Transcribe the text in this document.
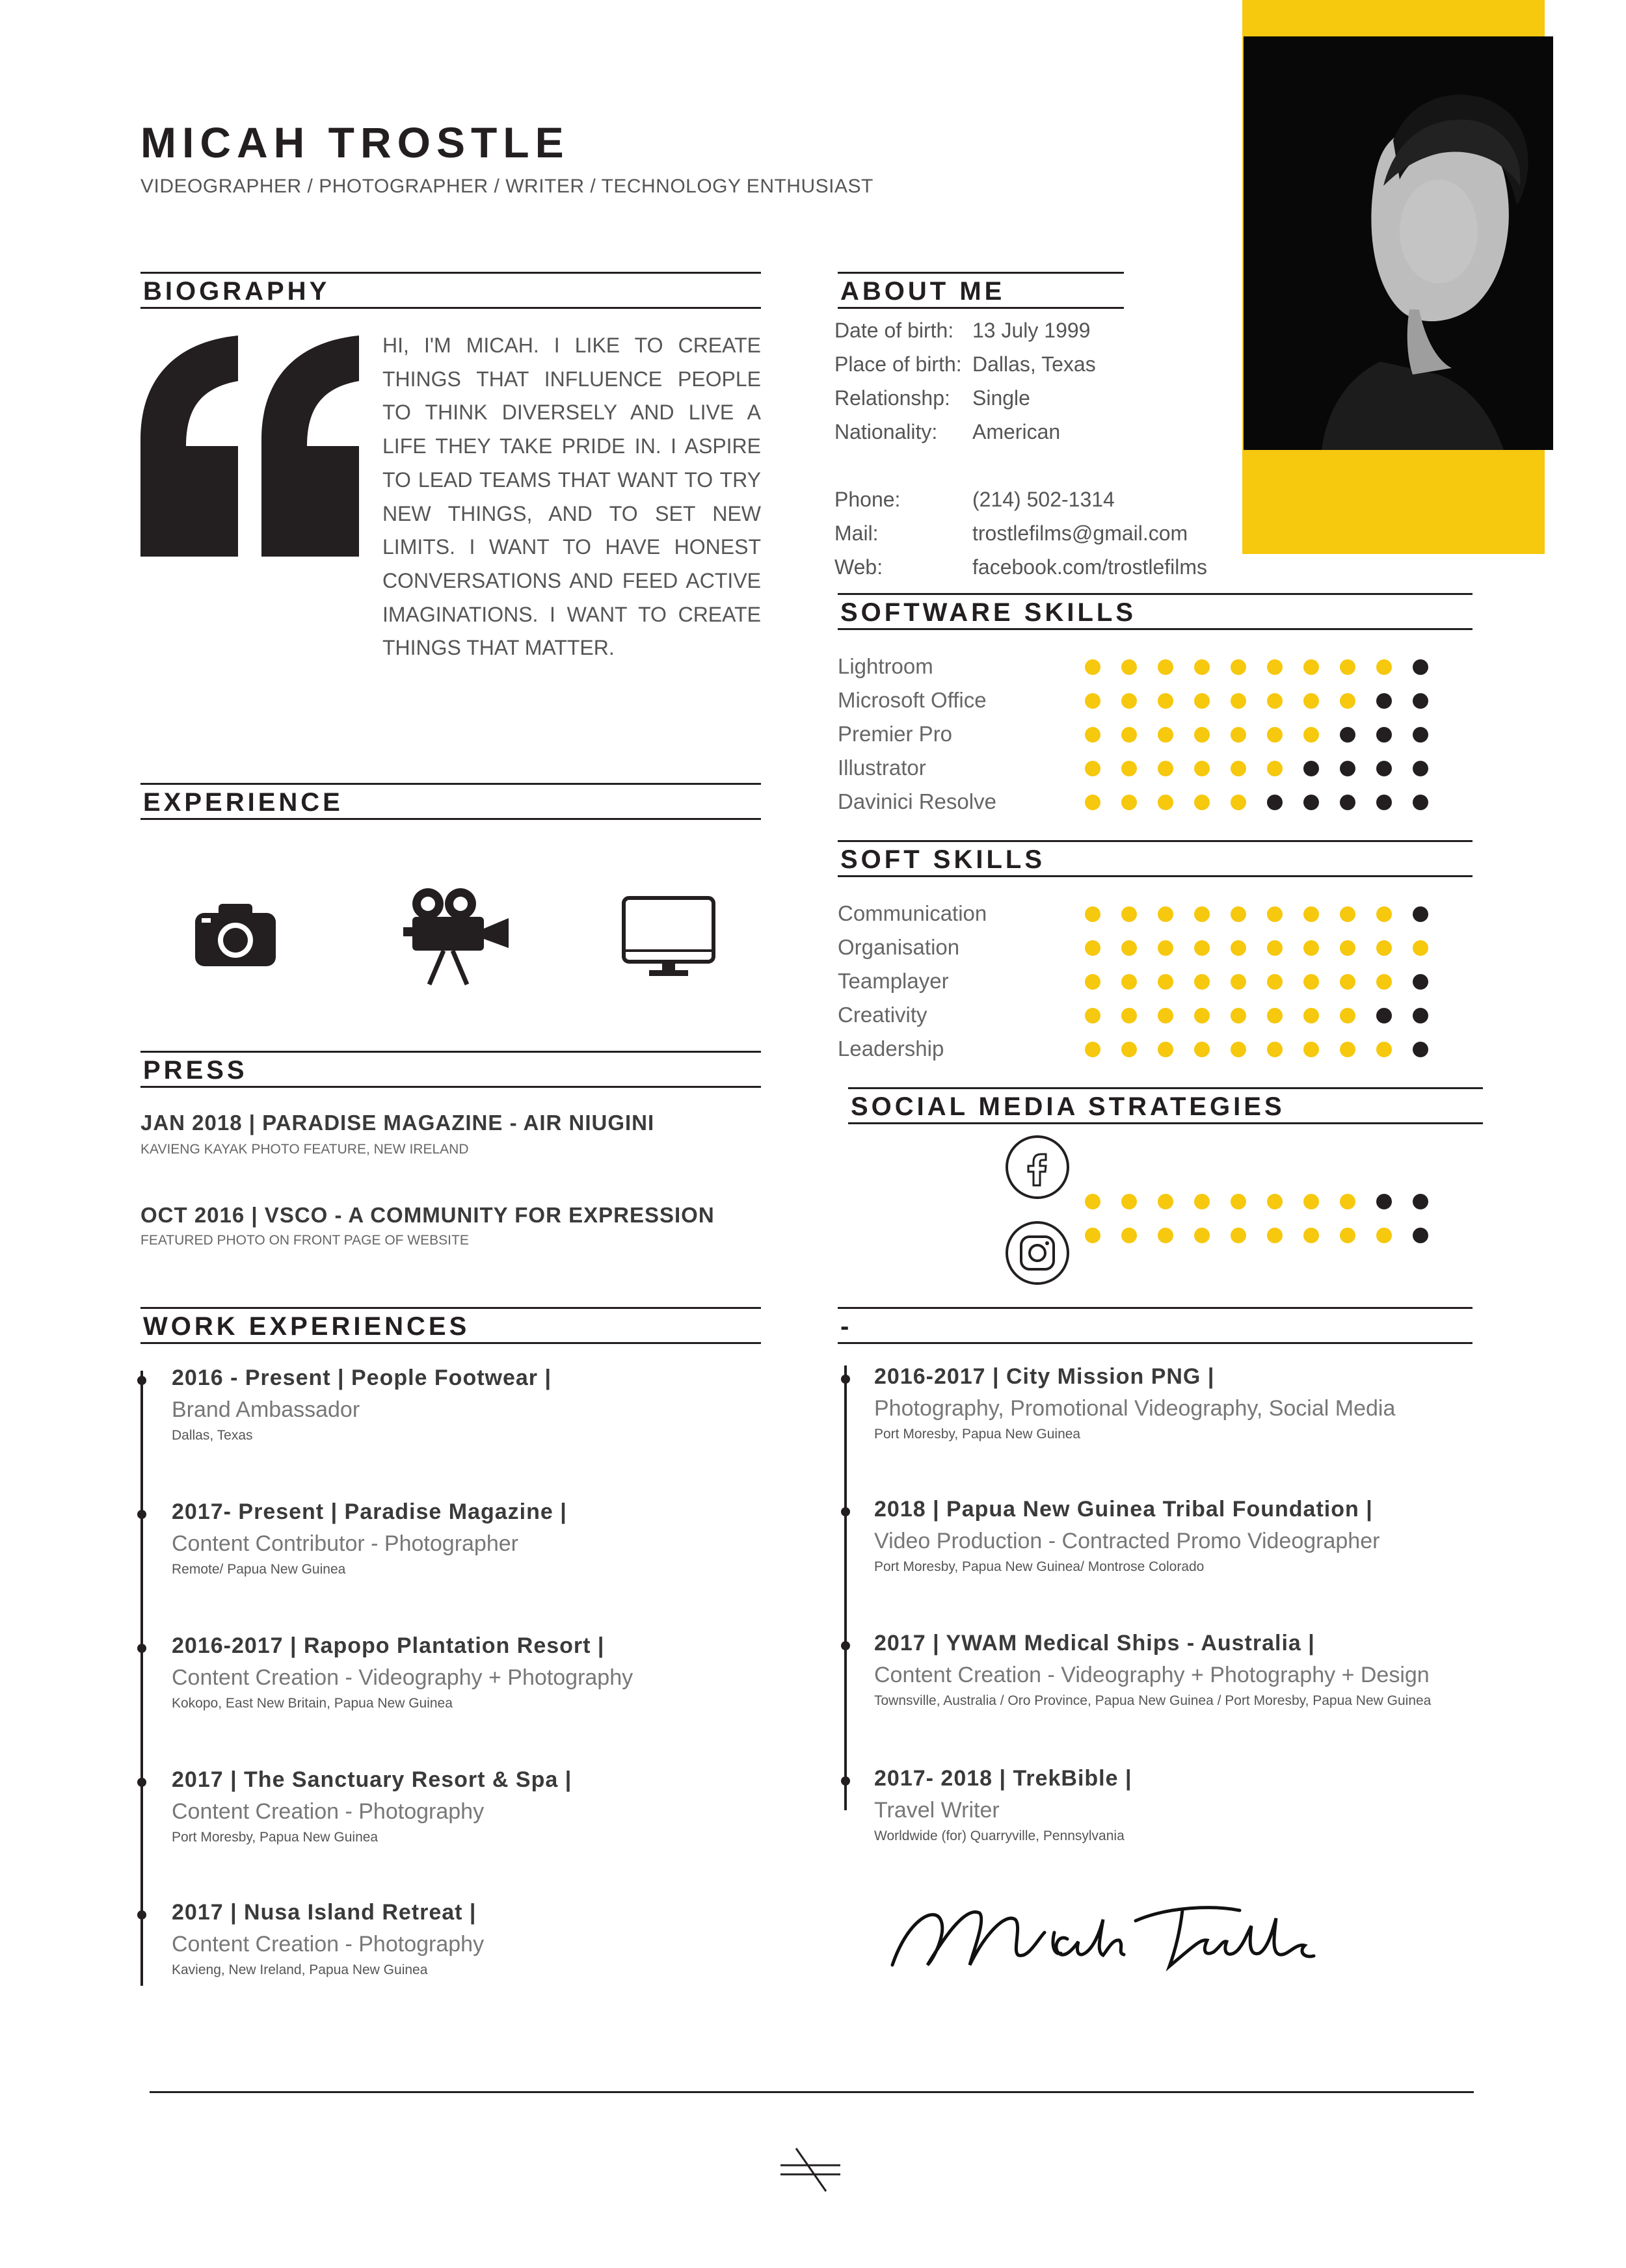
MICAH TROSTLE
VIDEOGRAPHER / PHOTOGRAPHER / WRITER / TECHNOLOGY ENTHUSIAST
BIOGRAPHY
HI, I'M MICAH. I LIKE TO CREATE THINGS THAT INFLUENCE PEOPLE TO THINK DIVERSELY AND LIVE A LIFE THEY TAKE PRIDE IN. I ASPIRE TO LEAD TEAMS THAT WANT TO TRY NEW THINGS, AND TO SET NEW LIMITS. I WANT TO HAVE HONEST CONVERSATIONS AND FEED ACTIVE IMAGINATIONS. I WANT TO CREATE THINGS THAT MATTER.
ABOUT ME
Date of birth: 13 July 1999
Place of birth: Dallas, Texas
Relationshp: Single
Nationality: American
Phone:	(214) 502-1314
Mail:	trostlefilms@gmail.com
Web:	facebook.com/trostlefilms
SOFTWARE SKILLS
Lightroom
Microsoft Office
Premier Pro
Illustrator
Davinici Resolve
SOFT SKILLS
Communication
Organisation
Teamplayer
Creativity
Leadership
SOCIAL MEDIA STRATEGIES
EXPERIENCE
PRESS
JAN 2018 | PARADISE MAGAZINE - AIR NIUGINI
KAVIENG KAYAK PHOTO FEATURE, NEW IRELAND
OCT 2016 | VSCO - A COMMUNITY FOR EXPRESSION
FEATURED PHOTO ON FRONT PAGE OF WEBSITE
WORK EXPERIENCES	-
2016 - Present | People Footwear |
Brand Ambassador
Dallas, Texas
2017- Present | Paradise Magazine |
Content Contributor - Photographer
Remote/ Papua New Guinea
2016-2017 | Rapopo Plantation Resort |
Content Creation - Videography + Photography
Kokopo, East New Britain, Papua New Guinea
2017 | The Sanctuary Resort & Spa |
Content Creation - Photography
Port Moresby, Papua New Guinea
2017 | Nusa Island Retreat |
Content Creation - Photography
Kavieng, New Ireland, Papua New Guinea
2016-2017 | City Mission PNG |
Photography, Promotional Videography, Social Media
Port Moresby, Papua New Guinea
2018 | Papua New Guinea Tribal Foundation |
Video Production - Contracted Promo Videographer
Port Moresby, Papua New Guinea/ Montrose Colorado
2017 | YWAM Medical Ships - Australia |
Content Creation - Videography + Photography + Design
Townsville, Australia / Oro Province, Papua New Guinea / Port Moresby, Papua New Guinea
2017- 2018 | TrekBible |
Travel Writer
Worldwide (for) Quarryville, Pennsylvania
